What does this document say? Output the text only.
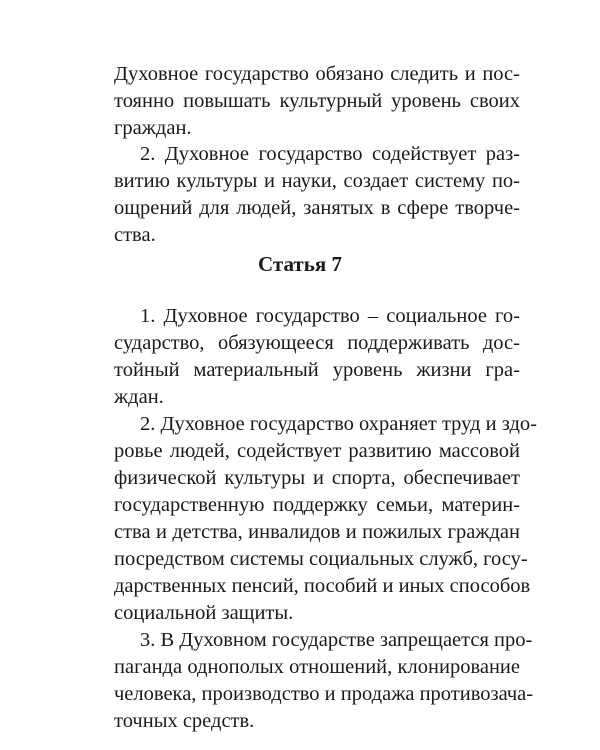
Духовное государство обязано следить и пос-
тоянно повышать культурный уровень своих
граждан.
2. Духовное государство содействует раз-
витию культуры и науки, создает систему по-
ощрений для людей, занятых в сфере творче-
ства.
Статья 7
1. Духовное государство – социальное го-
сударство, обязующееся поддерживать дос-
тойный материальный уровень жизни гра-
ждан.
2. Духовное государство охраняет труд и здо-
ровье людей, содействует развитию массовой
физической культуры и спорта, обеспечивает
государственную поддержку семьи, материн-
ства и детства, инвалидов и пожилых граждан
посредством системы социальных служб, госу-
дарственных пенсий, пособий и иных способов
социальной защиты.
3. В Духовном государстве запрещается про-
паганда однополых отношений, клонирование
человека, производство и продажа противозача-
точных средств.
